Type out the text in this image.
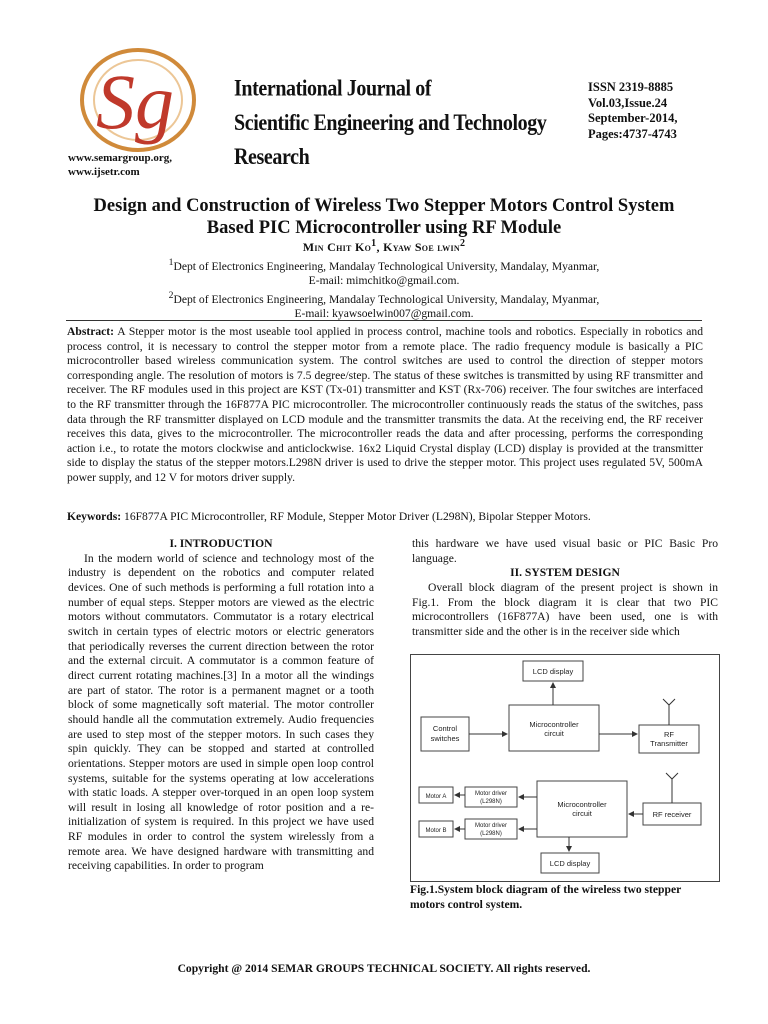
Sg	International Journal of
Scientific Engineering and Technology Research
ISSN 2319-8885
Vol.03,Issue.24
September-2014,
Pages:4737-4743
www.semargroup.org,
www.ijsetr.com
Design and Construction of Wireless Two Stepper Motors Control System
Based PIC Microcontroller using RF Module
Min Chit Ko$^1$, Kyaw Soe lwin$^2$
$^1$Dept of Electronics Engineering, Mandalay Technological University, Mandalay, Myanmar,
E-mail: mimchitko@gmail.com.
$^2$Dept of Electronics Engineering, Mandalay Technological University, Mandalay, Myanmar,
E-mail: kyawsoelwin007@gmail.com.
Abstract: A Stepper motor is the most useable tool applied in process control, machine tools and robotics. Especially in robotics and process control, it is necessary to control the stepper motor from a remote place. The radio frequency module is basically a PIC microcontroller based wireless communication system. The control switches are used to control the direction of stepper motors corresponding angle. The resolution of motors is 7.5 degree/step. The status of these switches is transmitted by using RF transmitter and receiver. The RF modules used in this project are KST (Tx-01) transmitter and KST (Rx-706) receiver. The four switches are interfaced to the RF transmitter through the 16F877A PIC microcontroller. The microcontroller continuously reads the status of the switches, pass data through the RF transmitter displayed on LCD module and the transmitter transmits the data. At the receiving end, the RF receiver receives this data, gives to the microcontroller. The microcontroller reads the data and after processing, performs the corresponding action i.e., to rotate the motors clockwise and anticlockwise. 16x2 Liquid Crystal display (LCD) display is provided at the transmitter side to display the status of the stepper motors.L298N driver is used to drive the stepper motor. This project uses regulated 5V, 500mA power supply, and 12 V for motors driver supply.
Keywords: 16F877A PIC Microcontroller, RF Module, Stepper Motor Driver (L298N), Bipolar Stepper Motors.
I. INTRODUCTION
In the modern world of science and technology most of the industry is dependent on the robotics and computer related devices. One of such methods is performing a full rotation into a number of equal steps. Stepper motors are viewed as the electric motors without commutators. Commutator is a rotary electrical switch in certain types of electric motors or electric generators that periodically reverses the current direction between the rotor and the external circuit. A commutator is a common feature of direct current rotating machines.[3] In a motor all the windings are part of stator. The rotor is a permanent magnet or a tooth block of some magnetically soft material. The motor controller should handle all the commutation extremely. Audio frequencies are used to step most of the stepper motors. In such cases they spin quickly. They can be stopped and started at controlled orientations. Stepper motors are used in simple open loop control systems, suitable for the systems operating at low accelerations with static loads. A stepper over-torqued in an open loop system will result in losing all knowledge of rotor position and a re-initialization of system is required. In this project we have used RF modules in order to control the system wirelessly from a remote area. We have designed hardware with transmitting and receiving capabilities. In order to program
this hardware we have used visual basic or PIC Basic Pro language.
II. SYSTEM DESIGN
Overall block diagram of the present project is shown in Fig.1. From the block diagram it is clear that two PIC microcontrollers (16F877A) have been used, one is with transmitter side and the other is in the receiver side which
LCD display
Control
switches
Microcontroller
circuit	RF
Transmitter
Motor A	Motor driver
(L298N)
Motor B
Motor driver
(L298N)
Microcontroller
circuit	RF receiver
LCD display
Fig.1.System block diagram of the wireless two stepper motors control system.
Copyright @ 2014 SEMAR GROUPS TECHNICAL SOCIETY. All rights reserved.
